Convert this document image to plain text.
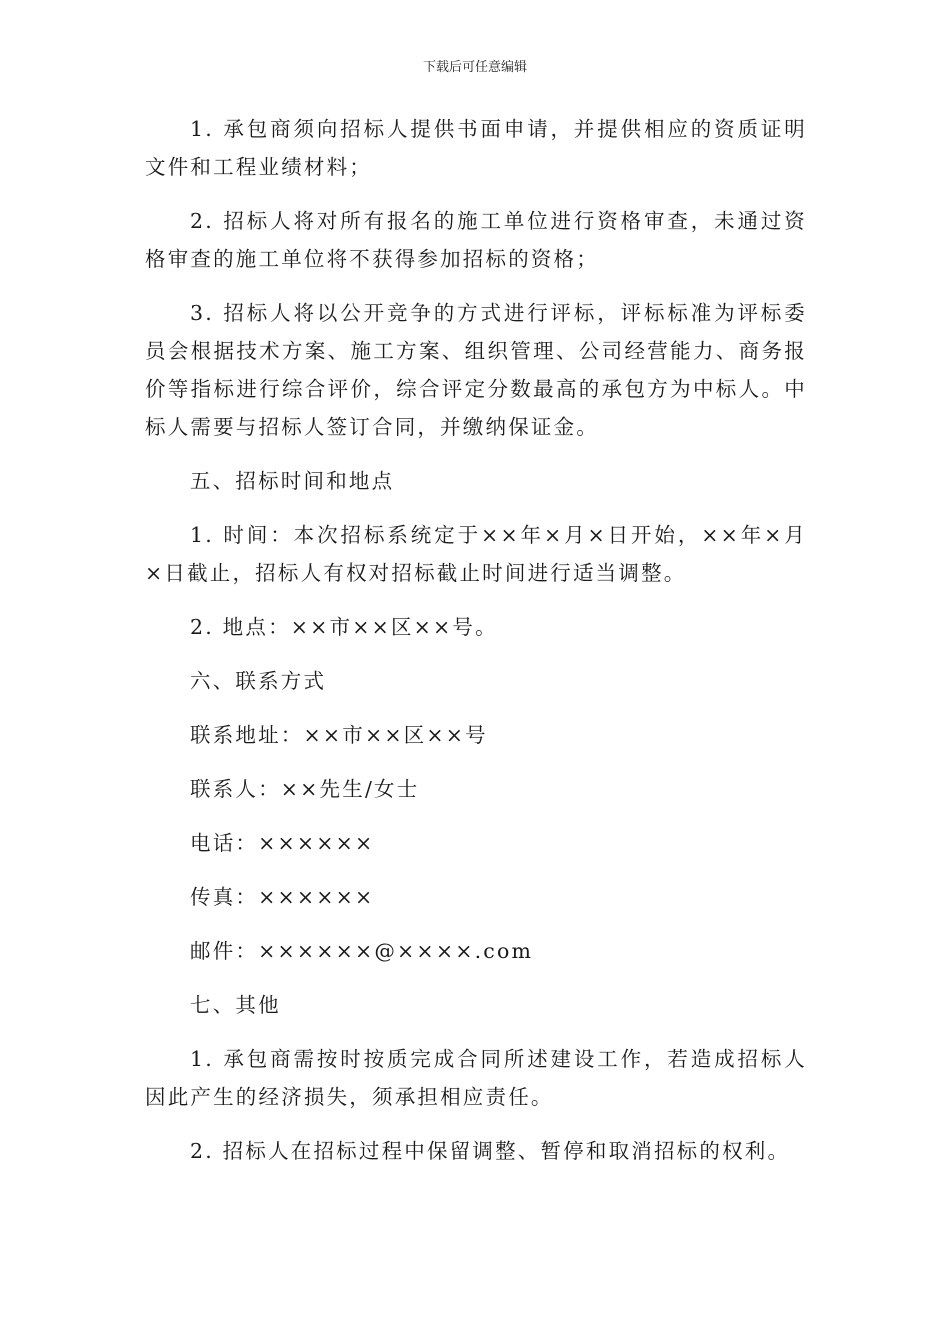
下载后可任意编辑

1. 承包商须向招标人提供书面申请，并提供相应的资质证明文件和工程业绩材料；

2. 招标人将对所有报名的施工单位进行资格审查，未通过资格审查的施工单位将不获得参加招标的资格；

3. 招标人将以公开竞争的方式进行评标，评标标准为评标委员会根据技术方案、施工方案、组织管理、公司经营能力、商务报价等指标进行综合评价，综合评定分数最高的承包方为中标人。中标人需要与招标人签订合同，并缴纳保证金。

五、招标时间和地点

1. 时间：本次招标系统定于××年×月×日开始，××年×月×日截止，招标人有权对招标截止时间进行适当调整。

2. 地点：××市××区××号。

六、联系方式

联系地址：××市××区××号

联系人：××先生/女士

电话：××××××

传真：××××××

邮件：××××××@××××.com

七、其他

1. 承包商需按时按质完成合同所述建设工作，若造成招标人因此产生的经济损失，须承担相应责任。

2. 招标人在招标过程中保留调整、暂停和取消招标的权利。
